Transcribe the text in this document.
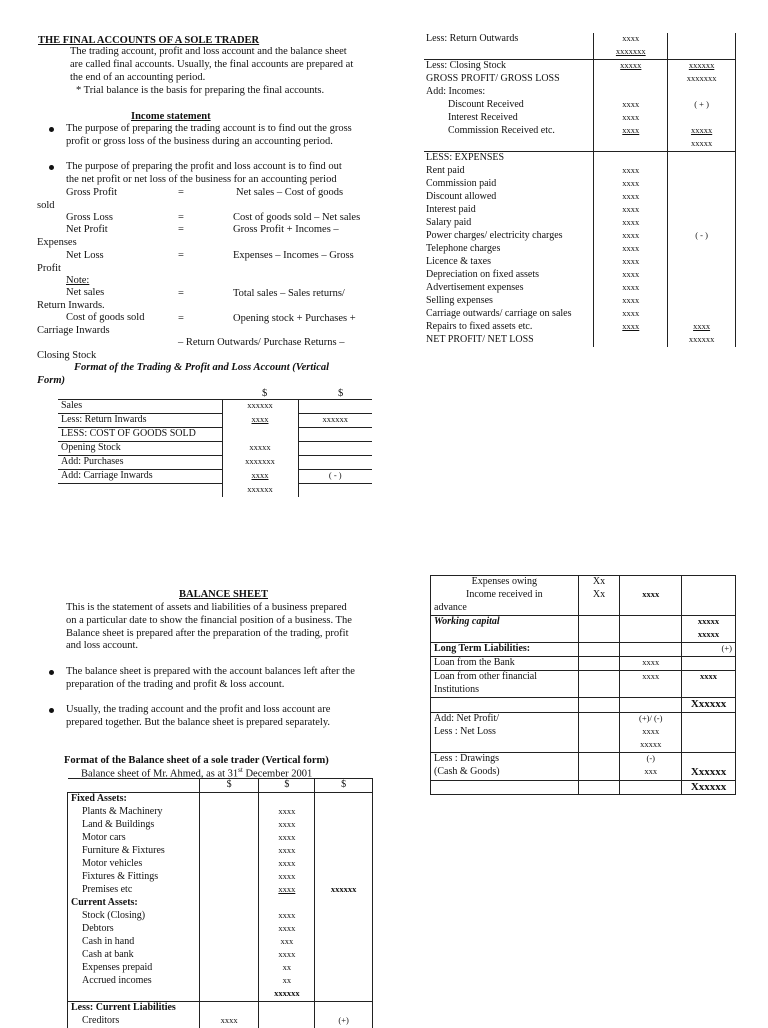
THE FINAL ACCOUNTS OF A SOLE TRADER
The trading account, profit and loss account and the balance sheet
are called final accounts. Usually, the final accounts are prepared at
the end of an accounting period.
* Trial balance is the basis for preparing the final accounts.
Income statement
The purpose of preparing the trading account is to find out the gross
profit or gross loss of the business during an accounting period.
The purpose of preparing the profit and loss account is to find out
the net profit or net loss of the business for an accounting period
Gross Profit	=	Net sales – Cost of goods
sold
Gross Loss	=	Cost of goods sold – Net sales
Net Profit	=	Gross Profit + Incomes –
Expenses
Net Loss	=	Expenses – Incomes – Gross
Profit
Note:
Net sales	=	Total sales – Sales returns/
Return Inwards.
Cost of goods sold	=	Opening stock + Purchases +
Carriage Inwards
– Return Outwards/ Purchase Returns –
Closing Stock
Format of the Trading & Profit and Loss Account (Vertical
Form)
$	$
Sales	xxxxxx	
Less: Return Inwards	xxxx	xxxxxx
LESS: COST OF GOODS SOLD		
Opening Stock	xxxxx	
Add: Purchases	xxxxxxx	
Add: Carriage Inwards	xxxx	( - )
	xxxxxx	
Less: Return Outwards	xxxx	
	xxxxxxx	
Less: Closing Stock	xxxxx	xxxxxx
GROSS PROFIT/ GROSS LOSS		xxxxxxx
Add: Incomes:		
Discount Received	xxxx	( + )
Interest Received	xxxx	
Commission Received etc.	xxxx	xxxxx
		xxxxx
LESS: EXPENSES		
Rent paid	xxxx	
Commission paid	xxxx	
Discount allowed	xxxx	
Interest paid	xxxx	
Salary paid	xxxx	
Power charges/ electricity charges	xxxx	( - )
Telephone charges	xxxx	
Licence & taxes	xxxx	
Depreciation on fixed assets	xxxx	
Advertisement expenses	xxxx	
Selling expenses	xxxx	
Carriage outwards/ carriage on sales	xxxx	
Repairs to fixed assets etc.	xxxx	xxxx
NET PROFIT/ NET LOSS		xxxxxx
BALANCE SHEET
This is the statement of assets and liabilities of a business prepared
on a particular date to show the financial position of a business. The
Balance sheet is prepared after the preparation of the trading, profit
and loss account.
The balance sheet is prepared with the account balances left after the
preparation of the trading and profit & loss account.
Usually, the trading account and the profit and loss account are
prepared together. But the balance sheet is prepared separately.
Format of the Balance sheet of a sole trader (Vertical form)
Balance sheet of Mr. Ahmed, as at 31st December 2001
	$	$	$
Fixed Assets:			
Plants & Machinery		xxxx	
Land & Buildings		xxxx	
Motor cars		xxxx	
Furniture & Fixtures		xxxx	
Motor vehicles		xxxx	
Fixtures & Fittings		xxxx	
Premises etc		xxxx	xxxxxx
Current Assets:			
Stock (Closing)		xxxx	
Debtors		xxxx	
Cash in hand		xxx	
Cash at bank		xxxx	
Expenses prepaid		xx	
Accrued incomes		xx	
		xxxxxx	
Less: Current Liabilities			
Creditors	xxxx		(+)
Expenses owing	Xx		
Income received in	Xx	xxxx	
advance			
Working capital			xxxxx
			xxxxx
Long Term Liabilities:			(+)
Loan from the Bank		xxxx	
Loan from other financial		xxxx	xxxx
Institutions			
			Xxxxxx
Add: Net Profit/		(+)/ (-)	
Less : Net Loss		xxxx	
		xxxxx	
Less : Drawings		(-)	
(Cash & Goods)		xxx	Xxxxxx
			Xxxxxx
